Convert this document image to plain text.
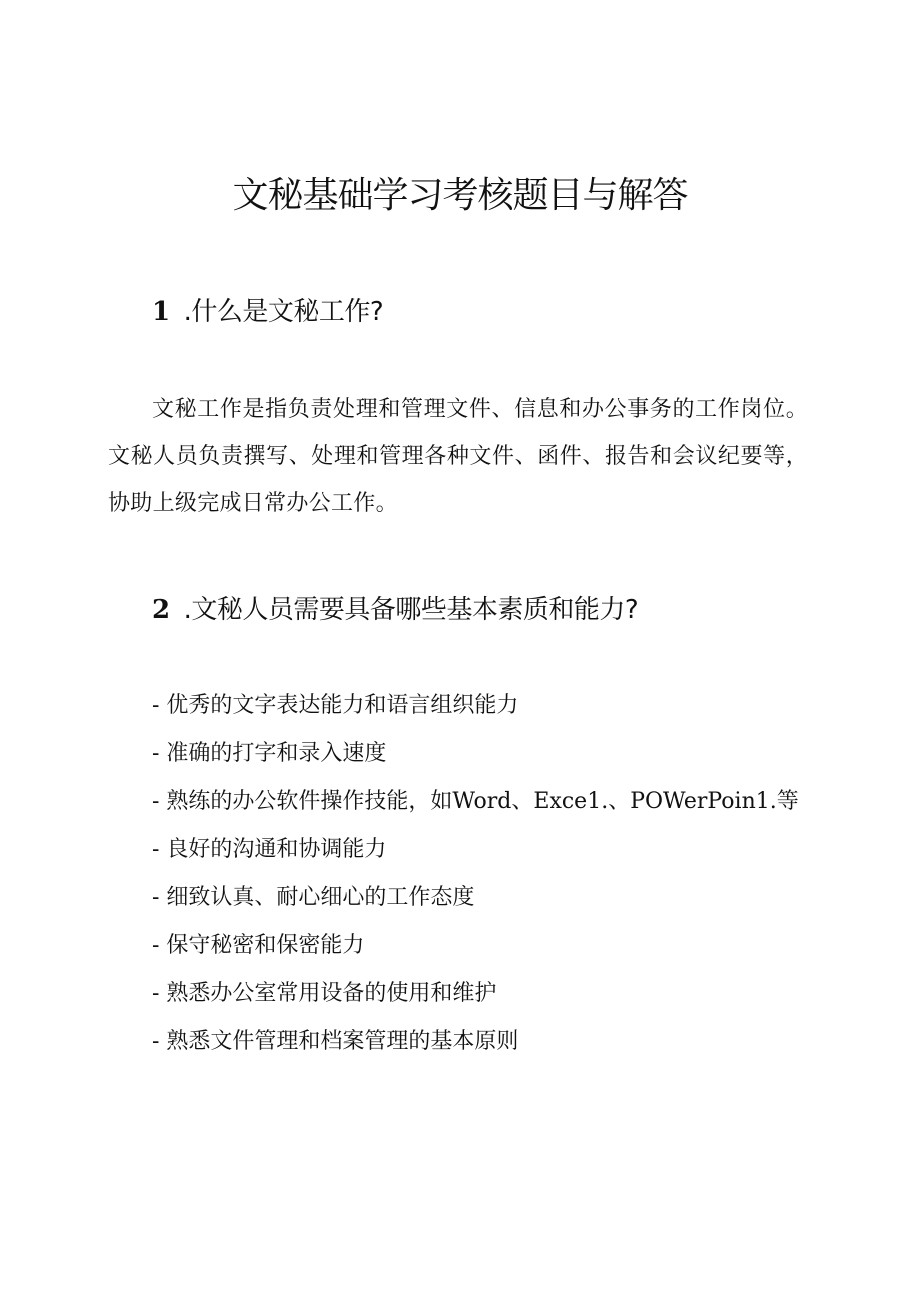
文秘基础学习考核题目与解答
1 .什么是文秘工作?

文秘工作是指负责处理和管理文件、信息和办公事务的工作岗位。文秘人员负责撰写、处理和管理各种文件、函件、报告和会议纪要等，协助上级完成日常办公工作。

2 .文秘人员需要具备哪些基本素质和能力?
- 优秀的文字表达能力和语言组织能力
- 准确的打字和录入速度
- 熟练的办公软件操作技能，如Word、Exce1.、POWerPoin1.等
- 良好的沟通和协调能力
- 细致认真、耐心细心的工作态度
- 保守秘密和保密能力
- 熟悉办公室常用设备的使用和维护
- 熟悉文件管理和档案管理的基本原则
